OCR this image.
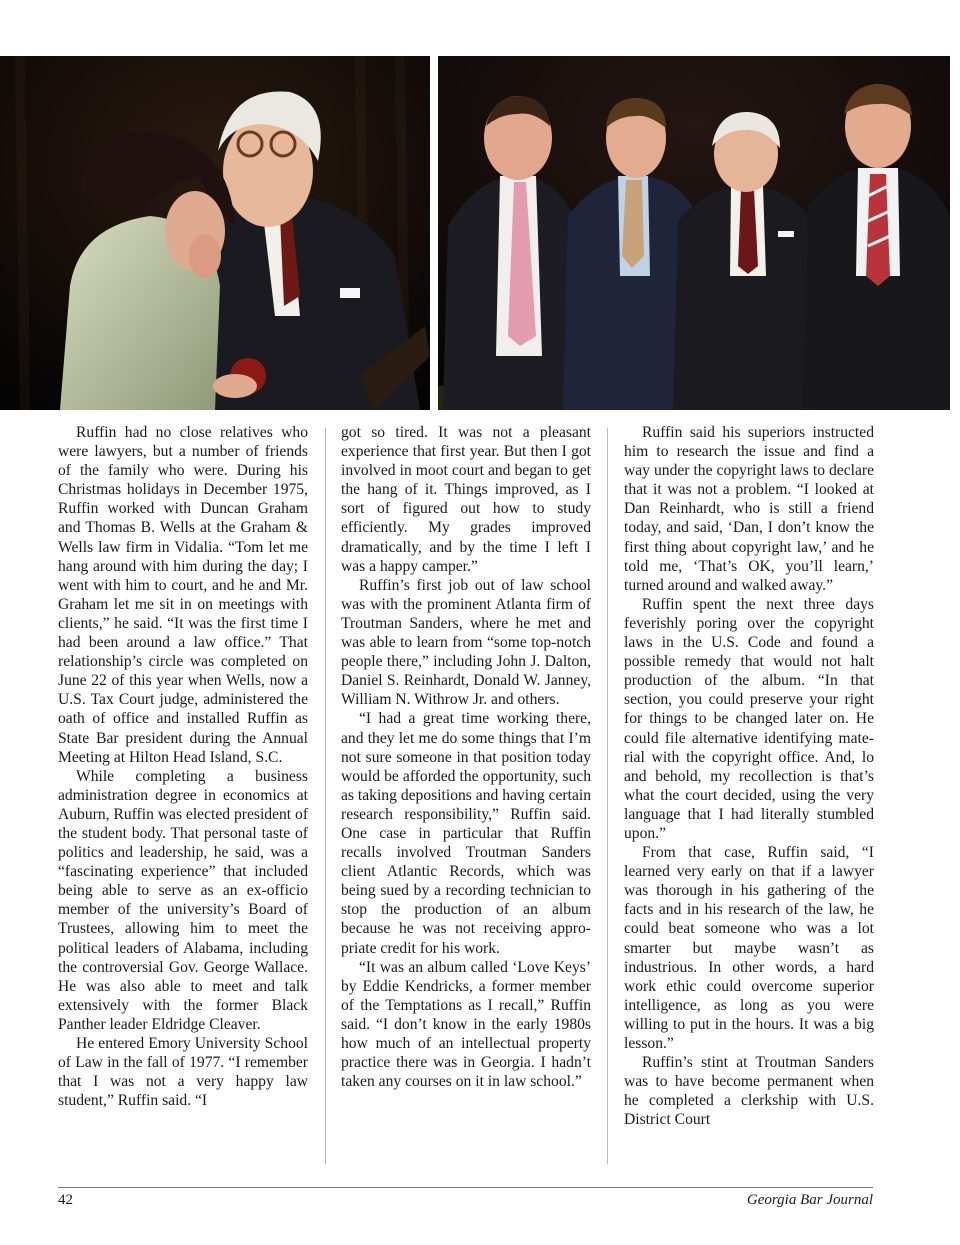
Ruffin had no close relatives who were lawyers, but a number of friends of the family who were. During his Christmas holidays in December 1975, Ruffin worked with Duncan Graham and Thomas B. Wells at the Graham & Wells law firm in Vidalia. “Tom let me hang around with him during the day; I went with him to court, and he and Mr. Graham let me sit in on meetings with clients,” he said. “It was the first time I had been around a law office.” That relationship’s circle was completed on June 22 of this year when Wells, now a U.S. Tax Court judge, administered the oath of office and installed Ruffin as State Bar president during the Annual Meeting at Hilton Head Island, S.C.

While completing a business administration degree in economics at Auburn, Ruffin was elected president of the student body. That personal taste of politics and leadership, he said, was a “fascinating experience” that included being able to serve as an ex-officio member of the university’s Board of Trustees, allowing him to meet the political leaders of Alabama, including the controversial Gov. George Wallace. He was also able to meet and talk extensively with the former Black Panther leader Eldridge Cleaver.

He entered Emory University School of Law in the fall of 1977. “I remember that I was not a very happy law student,” Ruffin said. “I

got so tired. It was not a pleasant experience that first year. But then I got involved in moot court and began to get the hang of it. Things improved, as I sort of figured out how to study efficiently. My grades improved dramatically, and by the time I left I was a happy camper.”

Ruffin’s first job out of law school was with the prominent Atlanta firm of Troutman Sanders, where he met and was able to learn from “some top-notch people there,” including John J. Dalton, Daniel S. Reinhardt, Donald W. Janney, William N. Withrow Jr. and others.

“I had a great time working there, and they let me do some things that I’m not sure someone in that position today would be afforded the opportunity, such as taking depositions and having certain research responsibility,” Ruffin said. One case in particular that Ruffin recalls involved Troutman Sanders client Atlantic Records, which was being sued by a recording technician to stop the production of an album because he was not receiving appropriate credit for his work.

“It was an album called ‘Love Keys’ by Eddie Kendricks, a former member of the Temptations as I recall,” Ruffin said. “I don’t know in the early 1980s how much of an intellectual property practice there was in Georgia. I hadn’t taken any courses on it in law school.”

Ruffin said his superiors instructed him to research the issue and find a way under the copyright laws to declare that it was not a problem. “I looked at Dan Reinhardt, who is still a friend today, and said, ‘Dan, I don’t know the first thing about copyright law,’ and he told me, ‘That’s OK, you’ll learn,’ turned around and walked away.”

Ruffin spent the next three days feverishly poring over the copyright laws in the U.S. Code and found a possible remedy that would not halt production of the album. “In that section, you could preserve your right for things to be changed later on. He could file alternative identifying material with the copyright office. And, lo and behold, my recollection is that’s what the court decided, using the very language that I had literally stumbled upon.”

From that case, Ruffin said, “I learned very early on that if a lawyer was thorough in his gathering of the facts and in his research of the law, he could beat someone who was a lot smarter but maybe wasn’t as industrious. In other words, a hard work ethic could overcome superior intelligence, as long as you were willing to put in the hours. It was a big lesson.”

Ruffin’s stint at Troutman Sanders was to have become permanent when he completed a clerkship with U.S. District Court

42	Georgia Bar Journal
